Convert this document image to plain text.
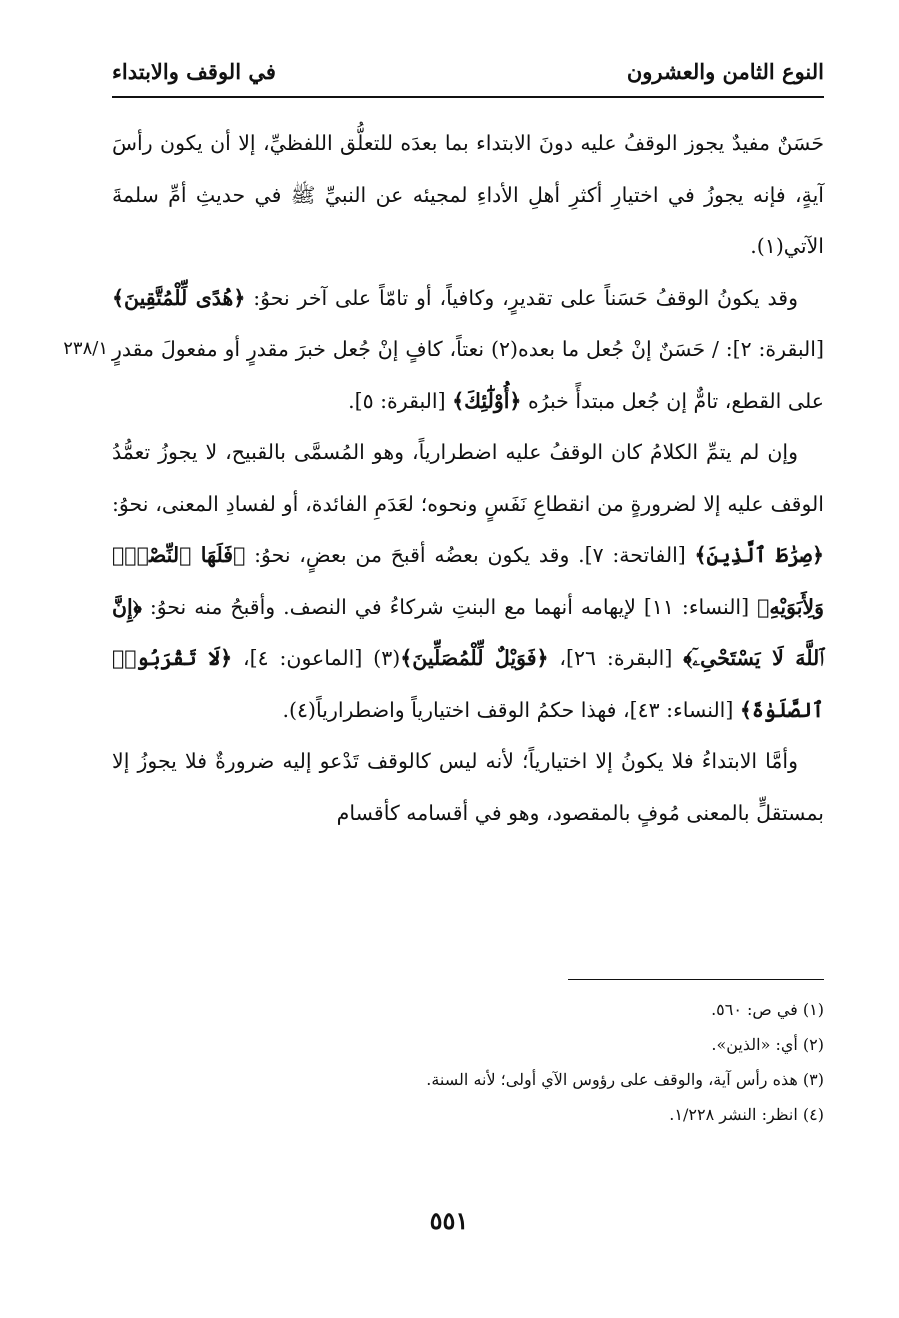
النوع الثامن والعشرون
في الوقف والابتداء
٢٣٨/١

حَسَنٌ مفيدٌ يجوز الوقفُ عليه دونَ الابتداء بما بعدَه للتعلُّق اللفظيِّ، إلا أن يكون رأسَ آيةٍ، فإنه يجوزُ في اختيارِ أكثرِ أهلِ الأداءِ لمجيئه عن النبيِّ ﷺ في حديثِ أمِّ سلمةَ الآتي(١).

وقد يكونُ الوقفُ حَسَناً على تقديرٍ، وكافياً، أو تامّاً على آخر نحوُ: ﴿هُدًى لِّلْمُتَّقِينَ﴾ [البقرة: ٢]: / حَسَنٌ إنْ جُعل ما بعده(٢) نعتاً، كافٍ إنْ جُعل خبرَ مقدرٍ أو مفعولَ مقدرٍ على القطع، تامٌّ إن جُعل مبتدأً خبرُه ﴿أُوْلَٰٓئِكَ﴾ [البقرة: ٥].

وإن لم يتمِّ الكلامُ كان الوقفُ عليه اضطرارياً، وهو المُسمَّى بالقبيح، لا يجوزُ تعمُّدُ الوقف عليه إلا لضرورةٍ من انقطاعِ نَفَسٍ ونحوه؛ لعَدَمِ الفائدة، أو لفسادِ المعنى، نحوُ: ﴿صِرَٰطَ ٱلَّذِينَ﴾ [الفاتحة: ٧]. وقد يكون بعضُه أقبحَ من بعضٍ، نحوُ: ﴿فَلَهَا ٱلنِّصْفُۚ وَلِأَبَوَيْهِ﴾ [النساء: ١١] لإيهامه أنهما مع البنتِ شركاءُ في النصف. وأقبحُ منه نحوُ: ﴿إِنَّ ٱللَّهَ لَا يَسْتَحْىِۦٓ﴾ [البقرة: ٢٦]، ﴿فَوَيْلٌ لِّلْمُصَلِّينَ﴾(٣) [الماعون: ٤]، ﴿لَا تَقْرَبُوا۟ ٱلصَّلَوٰةَ﴾ [النساء: ٤٣]، فهذا حكمُ الوقف اختيارياً واضطرارياً(٤).

وأمَّا الابتداءُ فلا يكونُ إلا اختيارياً؛ لأنه ليس كالوقف تَدْعو إليه ضرورةٌ فلا يجوزُ إلا بمستقلٍّ بالمعنى مُوفٍ بالمقصود، وهو في أقسامه كأقسام

(١) في ص: ٥٦٠.

(٢) أي: «الذين».

(٣) هذه رأس آية، والوقف على رؤوس الآي أولى؛ لأنه السنة.

(٤) انظر: النشر ١/٢٢٨.

٥٥١
